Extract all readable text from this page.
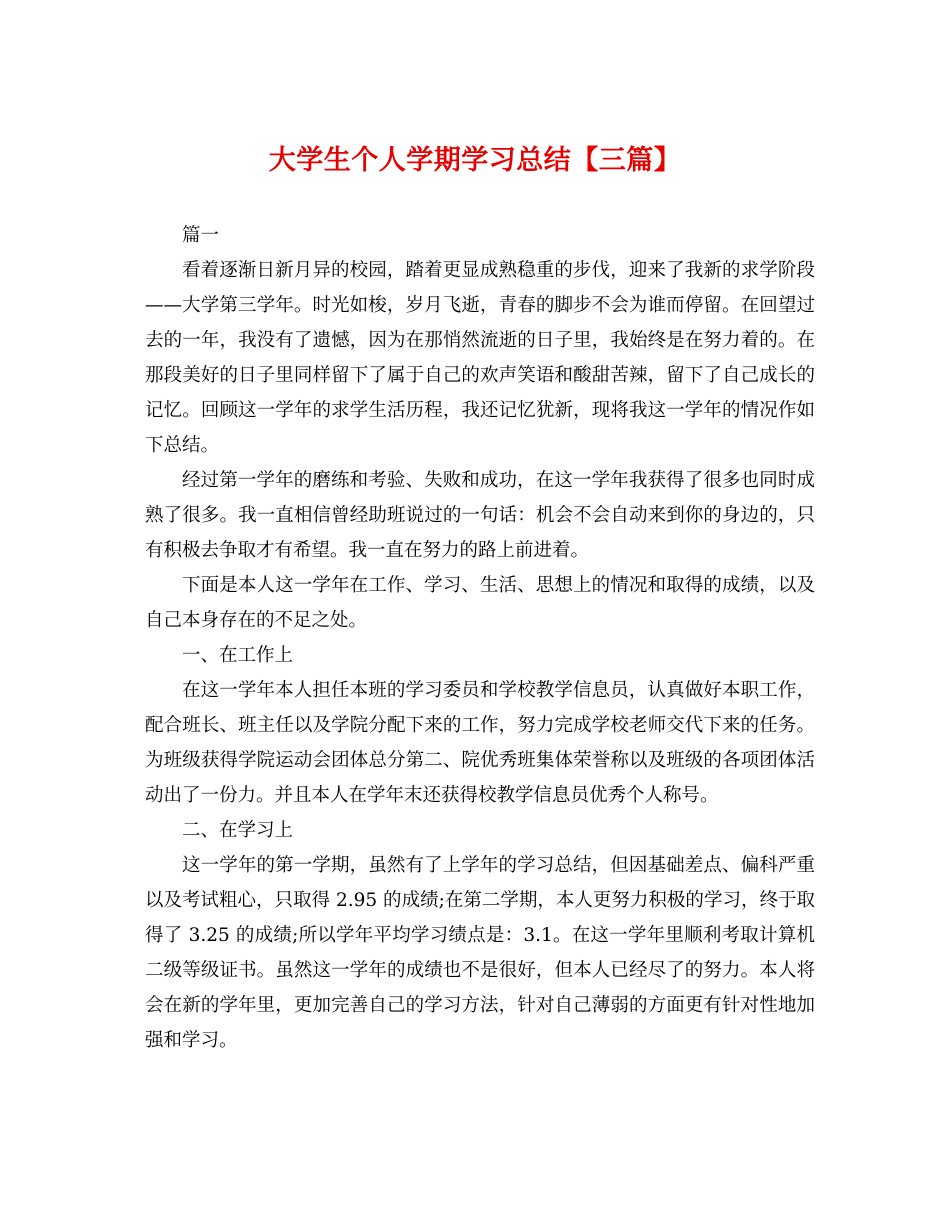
大学生个人学期学习总结【三篇】

篇一

看着逐渐日新月异的校园，踏着更显成熟稳重的步伐，迎来了我新的求学阶段——大学第三学年。时光如梭，岁月飞逝，青春的脚步不会为谁而停留。在回望过去的一年，我没有了遗憾，因为在那悄然流逝的日子里，我始终是在努力着的。在那段美好的日子里同样留下了属于自己的欢声笑语和酸甜苦辣，留下了自己成长的记忆。回顾这一学年的求学生活历程，我还记忆犹新，现将我这一学年的情况作如下总结。

经过第一学年的磨练和考验、失败和成功，在这一学年我获得了很多也同时成熟了很多。我一直相信曾经助班说过的一句话：机会不会自动来到你的身边的，只有积极去争取才有希望。我一直在努力的路上前进着。

下面是本人这一学年在工作、学习、生活、思想上的情况和取得的成绩，以及自己本身存在的不足之处。

一、在工作上

在这一学年本人担任本班的学习委员和学校教学信息员，认真做好本职工作，配合班长、班主任以及学院分配下来的工作，努力完成学校老师交代下来的任务。为班级获得学院运动会团体总分第二、院优秀班集体荣誉称以及班级的各项团体活动出了一份力。并且本人在学年末还获得校教学信息员优秀个人称号。

二、在学习上

这一学年的第一学期，虽然有了上学年的学习总结，但因基础差点、偏科严重以及考试粗心，只取得 2.95 的成绩;在第二学期，本人更努力积极的学习，终于取得了 3.25 的成绩;所以学年平均学习绩点是：3.1。在这一学年里顺利考取计算机二级等级证书。虽然这一学年的成绩也不是很好，但本人已经尽了的努力。本人将会在新的学年里，更加完善自己的学习方法，针对自己薄弱的方面更有针对性地加强和学习。
